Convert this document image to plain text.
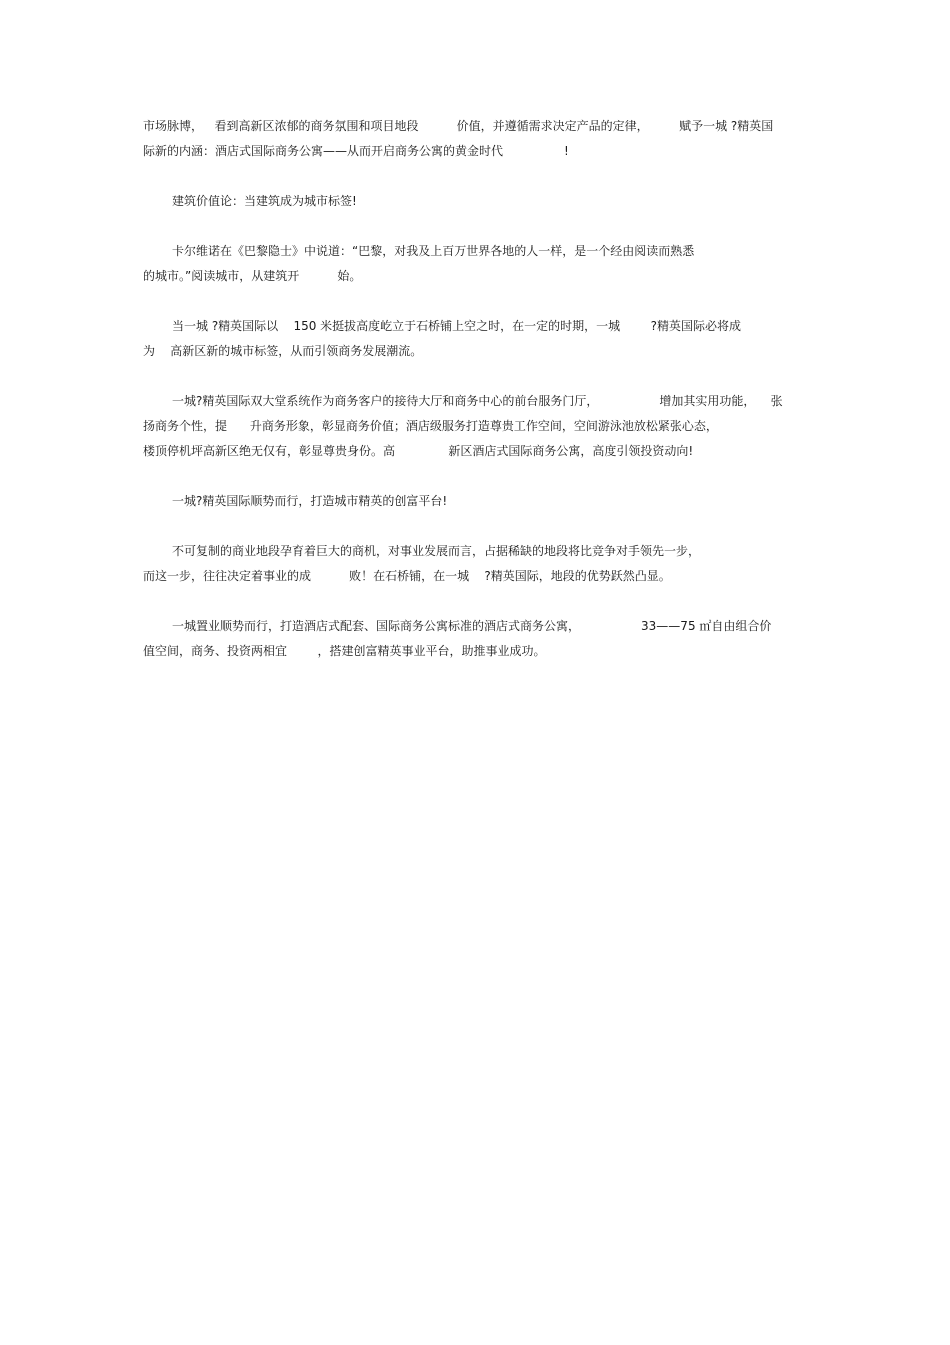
市场脉博，   看到高新区浓郁的商务氛围和项目地段          价值，并遵循需求决定产品的定律，        赋予一城 ?精英国
际新的内涵：酒店式国际商务公寓——从而开启商务公寓的黄金时代                !
建筑价值论：当建筑成为城市标签!
卡尔维诺在《巴黎隐士》中说道：“巴黎，对我及上百万世界各地的人一样，是一个经由阅读而熟悉
的城市。”阅读城市，从建筑开          始。
当一城 ?精英国际以    150 米挺拔高度屹立于石桥铺上空之时，在一定的时期，一城        ?精英国际必将成
为    高新区新的城市标签，从而引领商务发展潮流。
一城?精英国际双大堂系统作为商务客户的接待大厅和商务中心的前台服务门厅，                增加其实用功能，    张
扬商务个性，提      升商务形象，彰显商务价值；酒店级服务打造尊贵工作空间，空间游泳池放松紧张心态，
楼顶停机坪高新区绝无仅有，彰显尊贵身份。高              新区酒店式国际商务公寓，高度引领投资动向!
一城?精英国际顺势而行，打造城市精英的创富平台!
不可复制的商业地段孕育着巨大的商机，对事业发展而言，占据稀缺的地段将比竞争对手领先一步，
而这一步，往往决定着事业的成          败！在石桥铺，在一城    ?精英国际，地段的优势跃然凸显。
一城置业顺势而行，打造酒店式配套、国际商务公寓标准的酒店式商务公寓，                33——75 ㎡自由组合价
值空间，商务、投资两相宜        ，搭建创富精英事业平台，助推事业成功。
